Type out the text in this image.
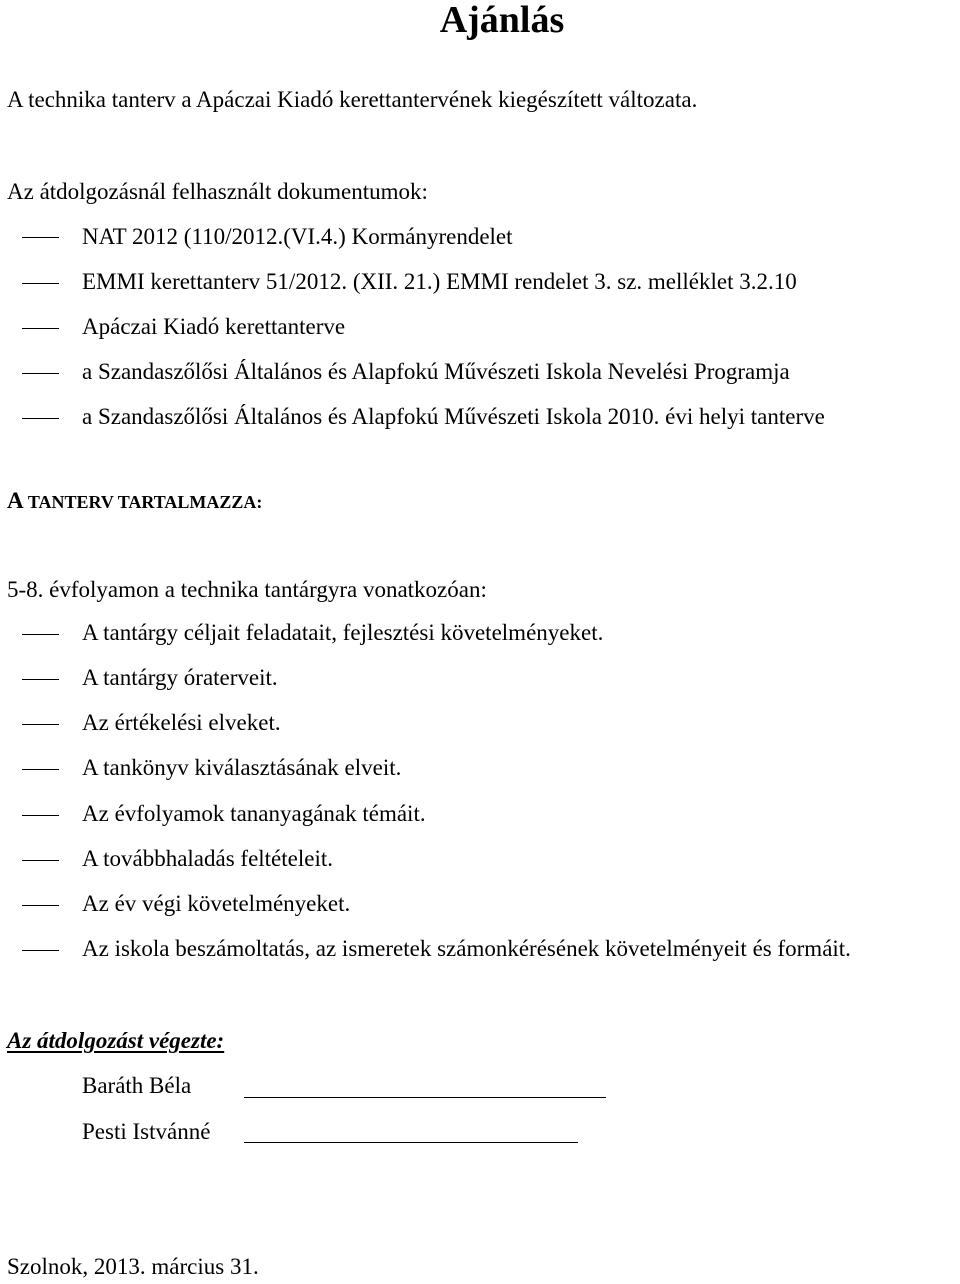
Ajánlás
A technika tanterv a Apáczai Kiadó kerettantervének kiegészített változata.
Az átdolgozásnál felhasznált dokumentumok:
NAT 2012 (110/2012.(VI.4.) Kormányrendelet
EMMI kerettanterv 51/2012. (XII. 21.) EMMI rendelet 3. sz. melléklet 3.2.10
Apáczai Kiadó kerettanterve
a Szandaszőlősi Általános és Alapfokú Művészeti Iskola Nevelési Programja
a Szandaszőlősi Általános és Alapfokú Művészeti Iskola 2010. évi helyi tanterve
A TANTERV TARTALMAZZA:
5-8. évfolyamon a technika tantárgyra vonatkozóan:
A tantárgy céljait feladatait, fejlesztési követelményeket.
A tantárgy óraterveit.
Az értékelési elveket.
A tankönyv kiválasztásának elveit.
Az évfolyamok tananyagának témáit.
A továbbhaladás feltételeit.
Az év végi követelményeket.
Az iskola beszámoltatás, az ismeretek számonkérésének követelményeit és formáit.
Az átdolgozást végezte:
Baráth Béla
Pesti Istvánné
Szolnok, 2013. március 31.
